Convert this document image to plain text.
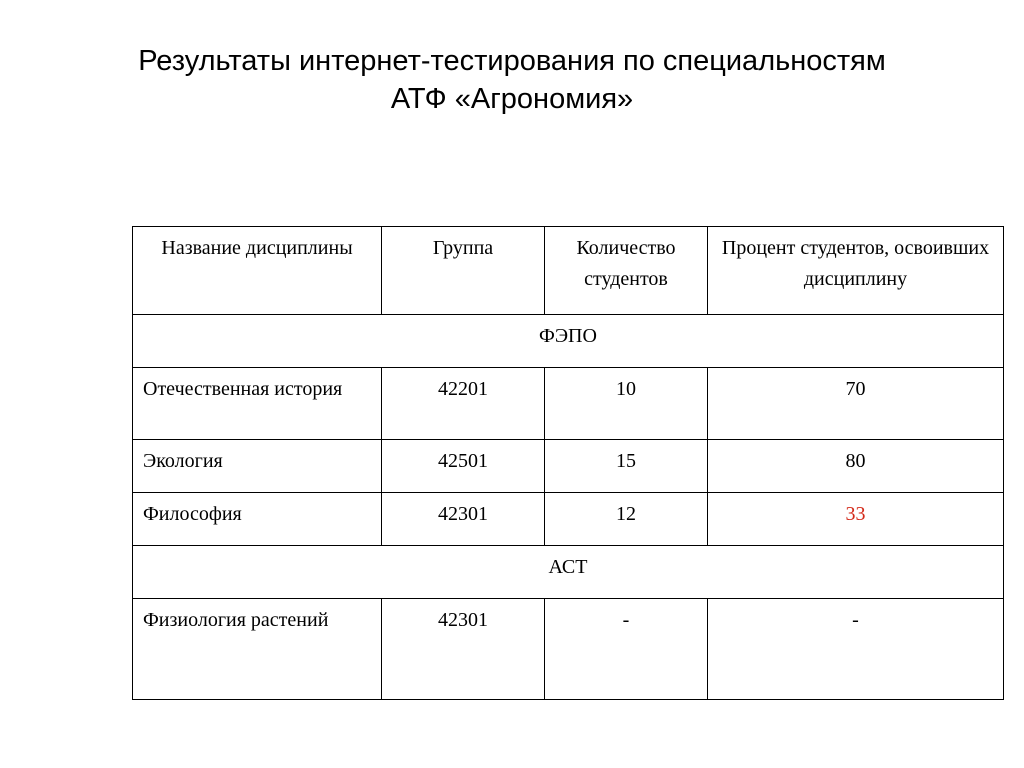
Результаты интернет-тестирования по специальностям
АТФ «Агрономия»
Название дисциплины	Группа	Количество студентов	Процент студентов, освоивших дисциплину
ФЭПО			
Отечественная история	42201	10	70
Экология	42501	15	80
Философия	42301	12	33
АСТ			
Физиология растений	42301	-	-
